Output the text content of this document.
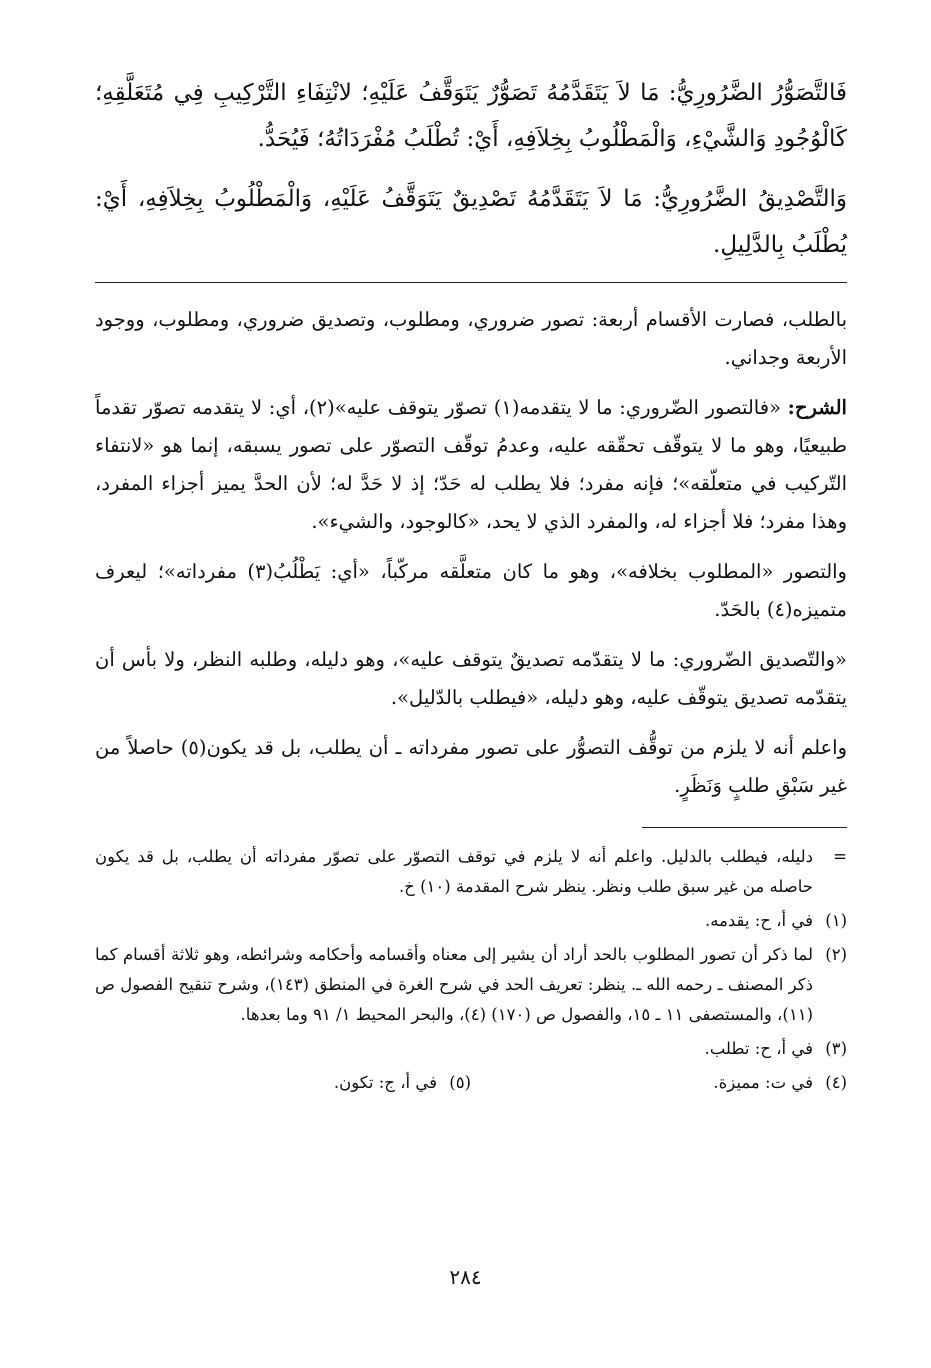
فَالتَّصَوُّرُ الضَّرُورِيُّ: مَا لاَ يَتَقَدَّمُهُ تَصَوُّرٌ يَتَوَقَّفُ عَلَيْهِ؛ لانْتِفَاءِ التَّرْكِيبِ فِي مُتَعَلَّقِهِ؛ كَالْوُجُودِ وَالشَّيْءِ، وَالْمَطْلُوبُ بِخِلاَفِهِ، أَيْ: تُطْلَبُ مُفْرَدَاتُهُ؛ فَيُحَدُّ.

وَالتَّصْدِيقُ الضَّرُورِيُّ: مَا لاَ يَتَقَدَّمُهُ تَصْدِيقٌ يَتَوَقَّفُ عَلَيْهِ، وَالْمَطْلُوبُ بِخِلاَفِهِ، أَيْ: يُطْلَبُ بِالدَّلِيلِ.

بالطلب، فصارت الأقسام أربعة: تصور ضروري، ومطلوب، وتصديق ضروري، ومطلوب، ووجود الأربعة وجداني.

الشرح: «فالتصور الضّروري: ما لا يتقدمه(١) تصوّر يتوقف عليه»(٢)، أي: لا يتقدمه تصوّر تقدماً طبيعيًا، وهو ما لا يتوقّف تحقّقه عليه، وعدمُ توقّف التصوّر على تصور يسبقه، إنما هو «لانتفاء التّركيب في متعلّقه»؛ فإنه مفرد؛ فلا يطلب له حَدّ؛ إذ لا حَدَّ له؛ لأن الحدَّ يميز أجزاء المفرد، وهذا مفرد؛ فلا أجزاء له، والمفرد الذي لا يحد، «كالوجود، والشيء».

والتصور «المطلوب بخلافه»، وهو ما كان متعلَّقه مركّباً، «أي: يَطْلُبُ(٣) مفرداته»؛ ليعرف متميزه(٤) بالحَدّ.

«والتّصديق الضّروري: ما لا يتقدّمه تصديقٌ يتوقف عليه»، وهو دليله، وطلبه النظر، ولا بأس أن يتقدّمه تصديق يتوقّف عليه، وهو دليله، «فيطلب بالدّليل».

واعلم أنه لا يلزم من توقُّف التصوُّر على تصور مفرداته ـ أن يطلب، بل قد يكون(٥) حاصلاً من غير سَبْقِ طلبٍ وَنَظَرٍ.

=
دليله، فيطلب بالدليل. واعلم أنه لا يلزم في توقف التصوّر على تصوّر مفرداته أن يطلب، بل قد يكون حاصله من غير سبق طلب ونظر. ينظر شرح المقدمة (١٠) خ.
(١)
في أ، ح: يقدمه.
(٢)
لما ذكر أن تصور المطلوب بالحد أراد أن يشير إلى معناه وأقسامه وأحكامه وشرائطه، وهو ثلاثة أقسام كما ذكر المصنف ـ رحمه الله ـ. ينظر: تعريف الحد في شرح الغرة في المنطق (١٤٣)، وشرح تنقيح الفصول ص (١١)، والمستصفى ١١ ـ ١٥، والفصول ص (١٧٠) (٤)، والبحر المحيط ١/ ٩١ وما بعدها.
(٣)
في أ، ح: تطلب.
(٤)
في ت: مميزة.
(٥)
في أ، ج: تكون.
٢٨٤
